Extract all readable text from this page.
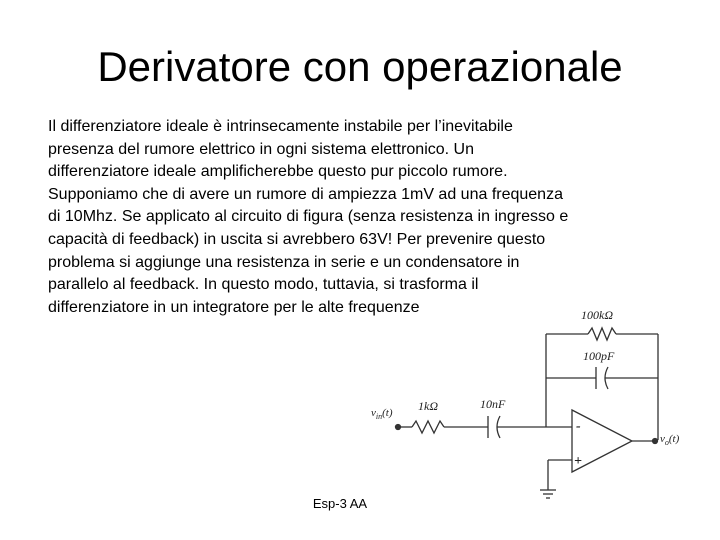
Derivatore con operazionale

Il differenziatore ideale è intrinsecamente instabile per l’inevitabile
presenza del rumore elettrico in ogni sistema elettronico. Un
differenziatore ideale amplificherebbe questo pur piccolo rumore.
Supponiamo che di avere un rumore di ampiezza 1mV ad una frequenza
di 10Mhz. Se applicato al circuito di figura (senza resistenza in ingresso e
capacità di feedback) in uscita si avrebbero 63V! Per prevenire questo
problema si aggiunge una resistenza in serie e un condensatore in
parallelo al feedback. In questo modo, tuttavia, si trasforma il
differenziatore in un integratore per le alte frequenze	100kΩ
100pF
1kΩ	10nF
$v_{in}(t)$
$v_o(t)$
-
+
Esp-3 AA
